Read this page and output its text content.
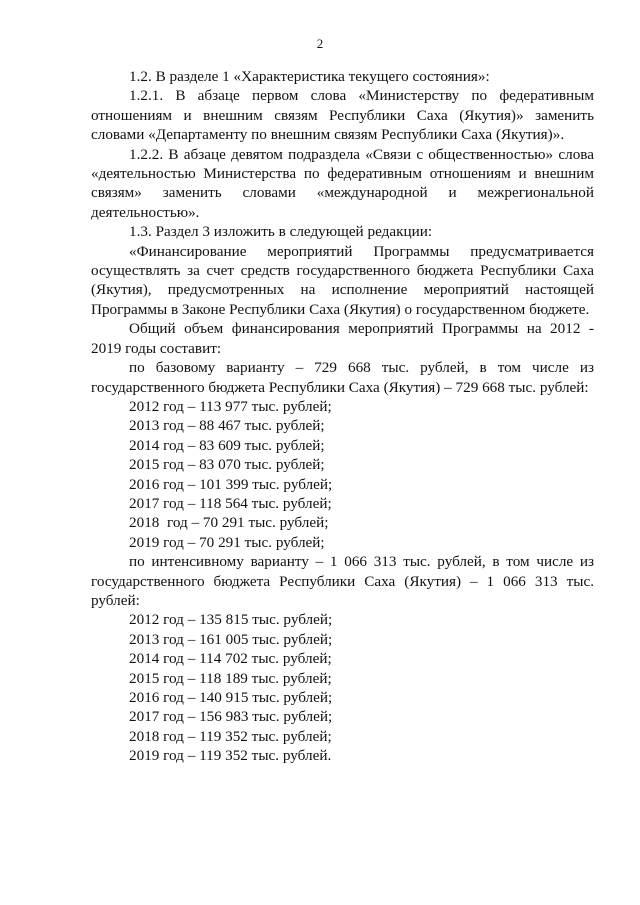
2

1.2. В разделе 1 «Характеристика текущего состояния»:

1.2.1. В абзаце первом слова «Министерству по федеративным отношениям и внешним связям Республики Саха (Якутия)» заменить словами «Департаменту по внешним связям Республики Саха (Якутия)».

1.2.2. В абзаце девятом подраздела «Связи с общественностью» слова «деятельностью Министерства по федеративным отношениям и внешним связям» заменить словами «международной и межрегиональной деятельностью».

1.3. Раздел 3 изложить в следующей редакции:

«Финансирование мероприятий Программы предусматривается осуществлять за счет средств государственного бюджета Республики Саха (Якутия), предусмотренных на исполнение мероприятий настоящей Программы в Законе Республики Саха (Якутия) о государственном бюджете.

Общий объем финансирования мероприятий Программы на 2012 - 2019 годы составит:

по базовому варианту – 729 668 тыс. рублей, в том числе из государственного бюджета Республики Саха (Якутия) – 729 668 тыс. рублей:

2012 год – 113 977 тыс. рублей;

2013 год – 88 467 тыс. рублей;

2014 год – 83 609 тыс. рублей;

2015 год – 83 070 тыс. рублей;

2016 год – 101 399 тыс. рублей;

2017 год – 118 564 тыс. рублей;

2018  год – 70 291 тыс. рублей;

2019 год – 70 291 тыс. рублей;

по интенсивному варианту – 1 066 313 тыс. рублей, в том числе из государственного бюджета Республики Саха (Якутия) – 1 066 313 тыс. рублей:

2012 год – 135 815 тыс. рублей;

2013 год – 161 005 тыс. рублей;

2014 год – 114 702 тыс. рублей;

2015 год – 118 189 тыс. рублей;

2016 год – 140 915 тыс. рублей;

2017 год – 156 983 тыс. рублей;

2018 год – 119 352 тыс. рублей;

2019 год – 119 352 тыс. рублей.
